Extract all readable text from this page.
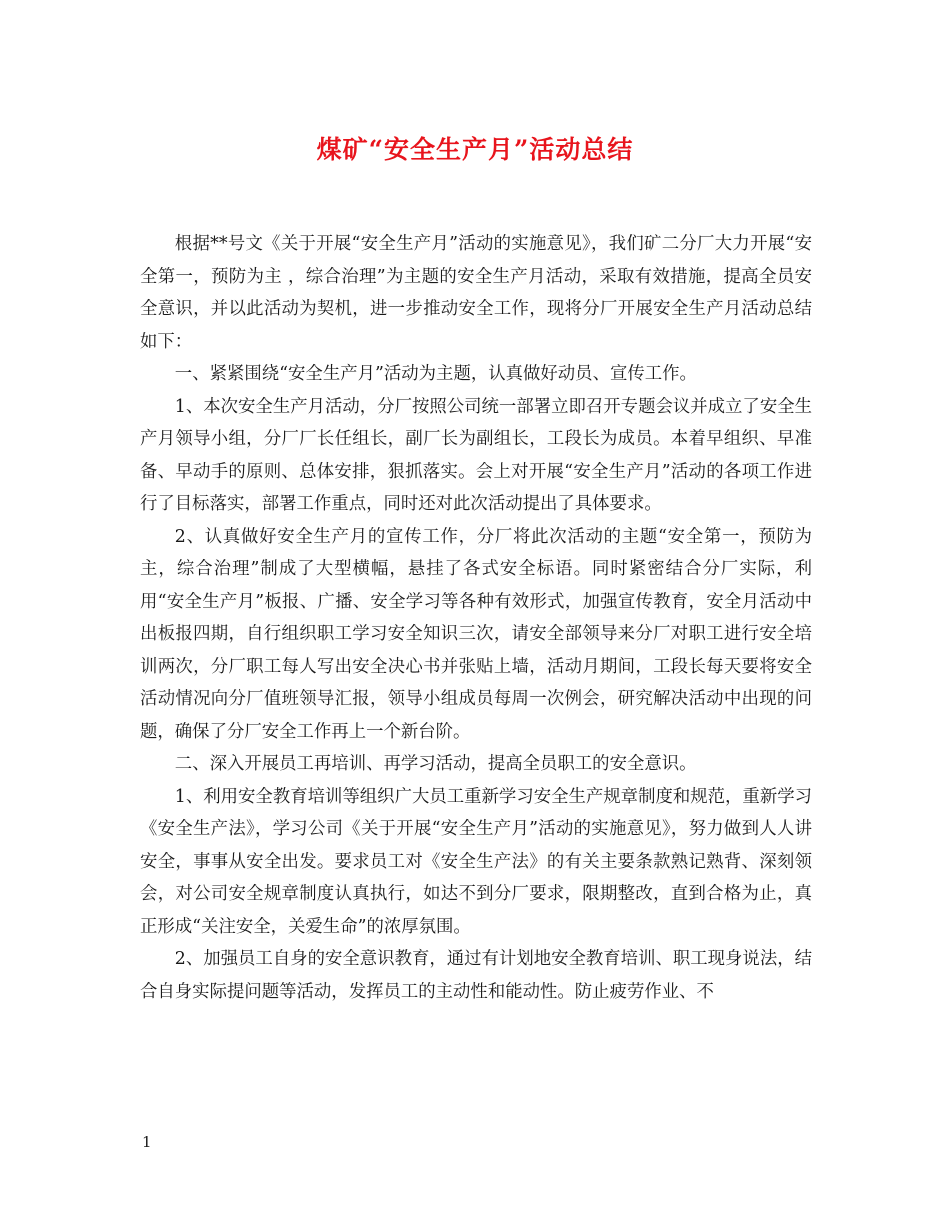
煤矿“安全生产月”活动总结

根据**号文《关于开展“安全生产月”活动的实施意见》，我们矿二分厂大力开展“安全第一，预防为主 ，综合治理”为主题的安全生产月活动，采取有效措施，提高全员安全意识，并以此活动为契机，进一步推动安全工作，现将分厂开展安全生产月活动总结如下：

一、紧紧围绕“安全生产月”活动为主题，认真做好动员、宣传工作。

1、本次安全生产月活动，分厂按照公司统一部署立即召开专题会议并成立了安全生产月领导小组，分厂厂长任组长，副厂长为副组长，工段长为成员。本着早组织、早准备、早动手的原则、总体安排，狠抓落实。会上对开展“安全生产月”活动的各项工作进行了目标落实，部署工作重点，同时还对此次活动提出了具体要求。

2、认真做好安全生产月的宣传工作，分厂将此次活动的主题“安全第一，预防为主，综合治理”制成了大型横幅，悬挂了各式安全标语。同时紧密结合分厂实际，利用“安全生产月”板报、广播、安全学习等各种有效形式，加强宣传教育，安全月活动中出板报四期，自行组织职工学习安全知识三次，请安全部领导来分厂对职工进行安全培训两次，分厂职工每人写出安全决心书并张贴上墙，活动月期间，工段长每天要将安全活动情况向分厂值班领导汇报，领导小组成员每周一次例会，研究解决活动中出现的问题，确保了分厂安全工作再上一个新台阶。

二、深入开展员工再培训、再学习活动，提高全员职工的安全意识。

1、利用安全教育培训等组织广大员工重新学习安全生产规章制度和规范，重新学习《安全生产法》，学习公司《关于开展“安全生产月”活动的实施意见》，努力做到人人讲安全，事事从安全出发。要求员工对《安全生产法》的有关主要条款熟记熟背、深刻领会，对公司安全规章制度认真执行，如达不到分厂要求，限期整改，直到合格为止，真正形成“关注安全，关爱生命”的浓厚氛围。

2、加强员工自身的安全意识教育，通过有计划地安全教育培训、职工现身说法，结合自身实际提问题等活动，发挥员工的主动性和能动性。防止疲劳作业、不

1
